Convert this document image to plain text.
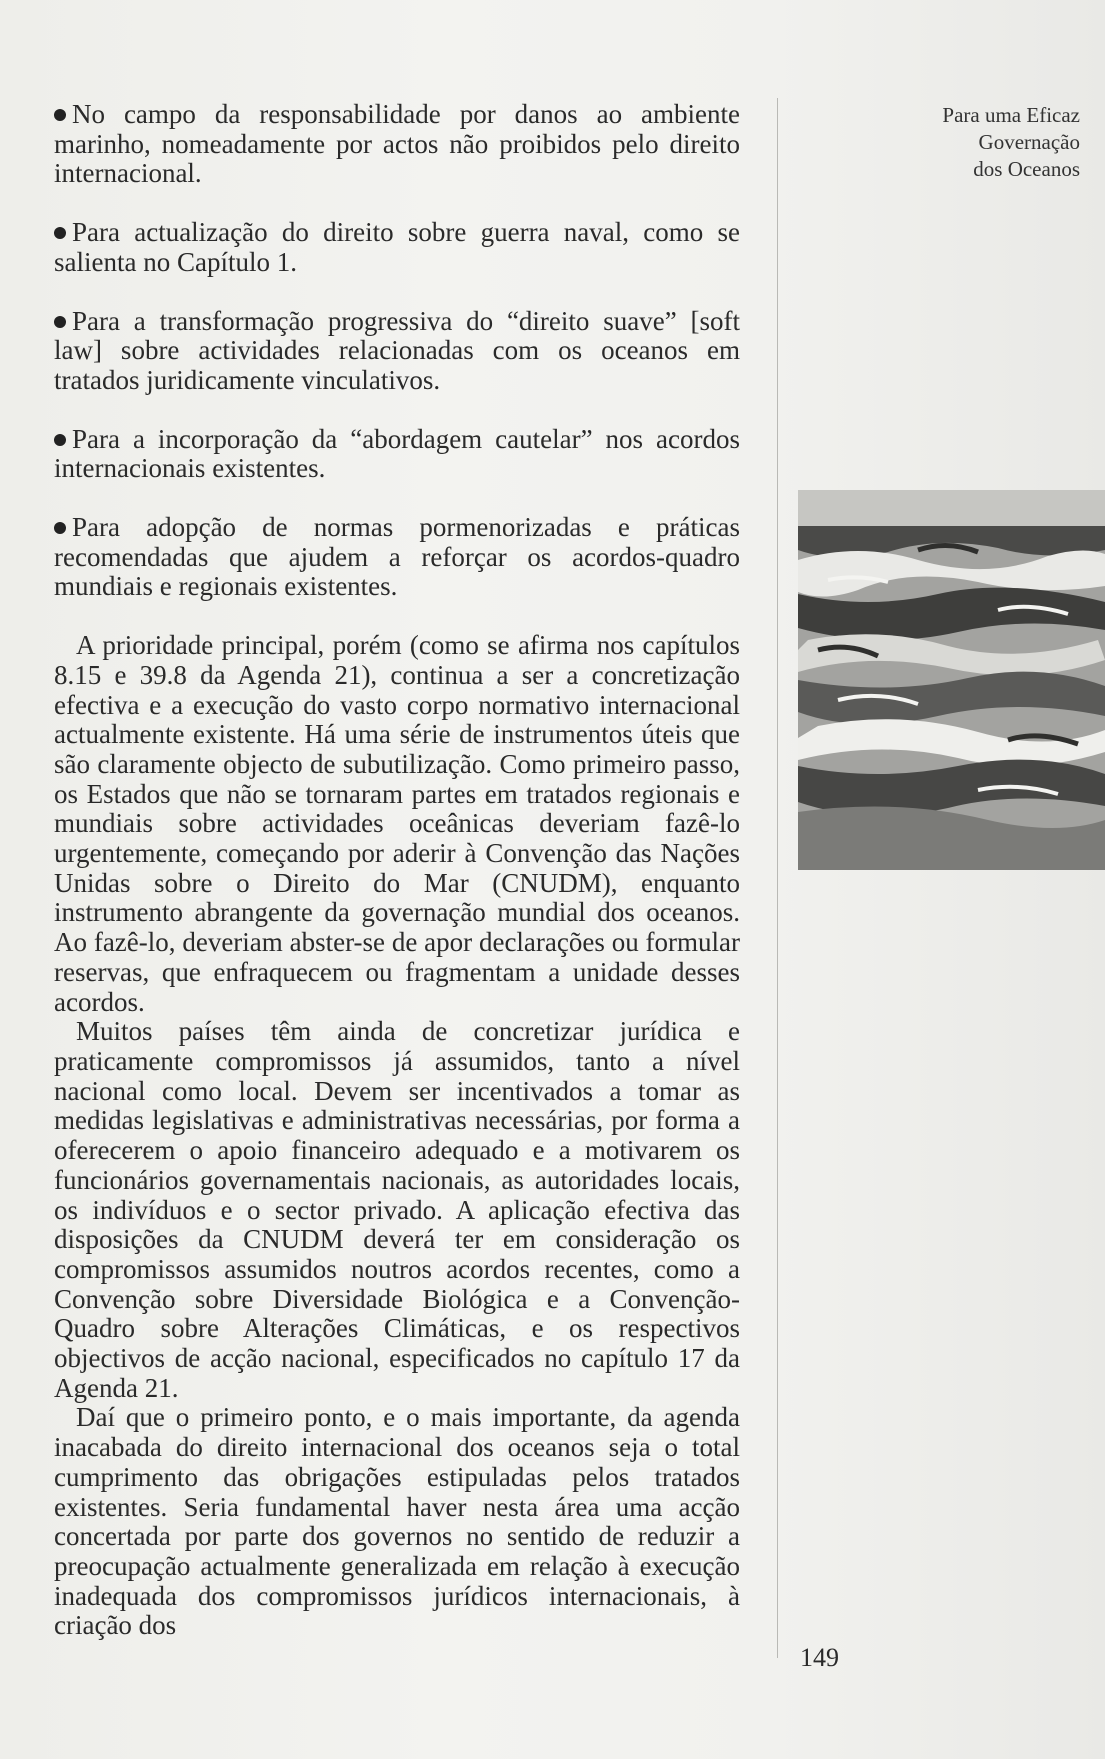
Para uma Eficaz
Governação
dos Oceanos

No campo da responsabilidade por danos ao ambiente marinho, nomeadamente por actos não proibidos pelo direito internacional.

Para actualização do direito sobre guerra naval, como se salienta no Capítulo 1.

Para a transformação progressiva do “direito suave” [soft law] sobre actividades relacionadas com os oceanos em tratados juridicamente vinculativos.

Para a incorporação da “abordagem cautelar” nos acordos internacionais existentes.

Para adopção de normas pormenorizadas e práticas recomendadas que ajudem a reforçar os acordos-quadro mundiais e regionais existentes.

A prioridade principal, porém (como se afirma nos capítulos 8.15 e 39.8 da Agenda 21), continua a ser a concretização efectiva e a execução do vasto corpo normativo internacional actualmente existente. Há uma série de instrumentos úteis que são claramente objecto de subutilização. Como primeiro passo, os Estados que não se tornaram partes em tratados regionais e mundiais sobre actividades oceânicas deveriam fazê-lo urgentemente, começando por aderir à Convenção das Nações Unidas sobre o Direito do Mar (CNUDM), enquanto instrumento abrangente da governação mundial dos oceanos. Ao fazê-lo, deveriam abster-se de apor declarações ou formular reservas, que enfraquecem ou fragmentam a unidade desses acordos.

Muitos países têm ainda de concretizar jurídica e praticamente compromissos já assumidos, tanto a nível nacional como local. Devem ser incentivados a tomar as medidas legislativas e administrativas necessárias, por forma a oferecerem o apoio financeiro adequado e a motivarem os funcionários governamentais nacionais, as autoridades locais, os indivíduos e o sector privado. A aplicação efectiva das disposições da CNUDM deverá ter em consideração os compromissos assumidos noutros acordos recentes, como a Convenção sobre Diversidade Biológica e a Convenção-Quadro sobre Alterações Climáticas, e os respectivos objectivos de acção nacional, especificados no capítulo 17 da Agenda 21.

Daí que o primeiro ponto, e o mais importante, da agenda inacabada do direito internacional dos oceanos seja o total cumprimento das obrigações estipuladas pelos tratados existentes. Seria fundamental haver nesta área uma acção concertada por parte dos governos no sentido de reduzir a preocupação actualmente generalizada em relação à execução inadequada dos compromissos jurídicos internacionais, à criação dos

149
